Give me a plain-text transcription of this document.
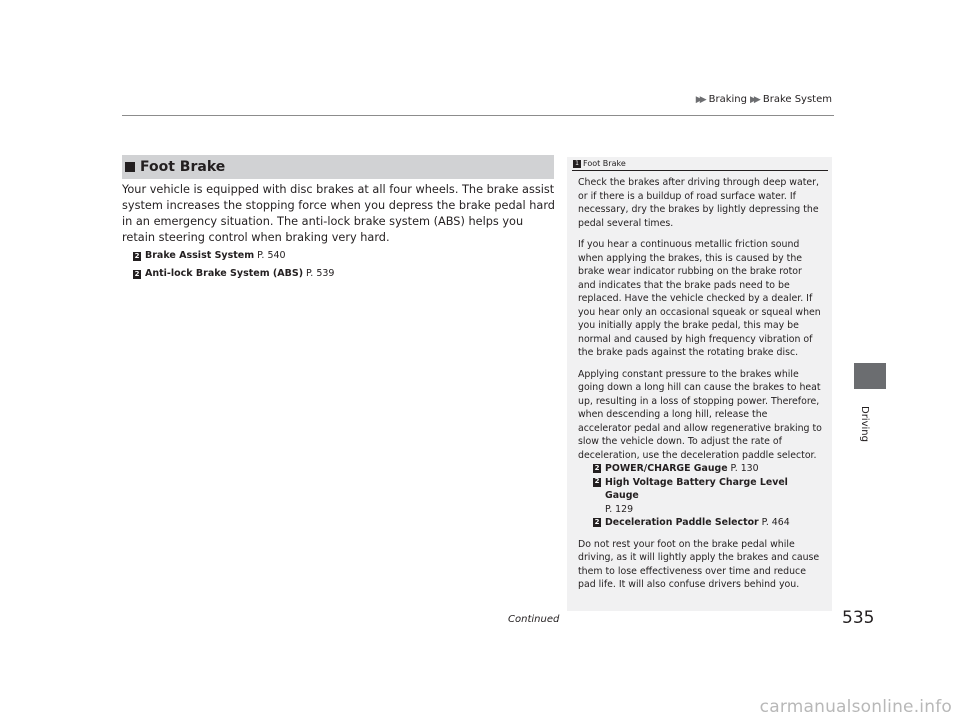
▶▶ Braking ▶▶ Brake System
Driving
Foot Brake
Your vehicle is equipped with disc brakes at all four wheels. The brake assist system increases the stopping force when you depress the brake pedal hard in an emergency situation. The anti-lock brake system (ABS) helps you retain steering control when braking very hard.
2 Brake Assist System P. 540
2 Anti-lock Brake System (ABS) P. 539
1 Foot Brake

Check the brakes after driving through deep water, or if there is a buildup of road surface water. If necessary, dry the brakes by lightly depressing the pedal several times.

If you hear a continuous metallic friction sound when applying the brakes, this is caused by the brake wear indicator rubbing on the brake rotor and indicates that the brake pads need to be replaced. Have the vehicle checked by a dealer. If you hear only an occasional squeak or squeal when you initially apply the brake pedal, this may be normal and caused by high frequency vibration of the brake pads against the rotating brake disc.

Applying constant pressure to the brakes while going down a long hill can cause the brakes to heat up, resulting in a loss of stopping power. Therefore, when descending a long hill, release the accelerator pedal and allow regenerative braking to slow the vehicle down. To adjust the rate of deceleration, use the deceleration paddle selector.

2 POWER/CHARGE Gauge P. 130
2 High Voltage Battery Charge Level Gauge
P. 129
2 Deceleration Paddle Selector P. 464

Do not rest your foot on the brake pedal while driving, as it will lightly apply the brakes and cause them to lose effectiveness over time and reduce pad life. It will also confuse drivers behind you.

Continued	535
carmanualsonline.info
